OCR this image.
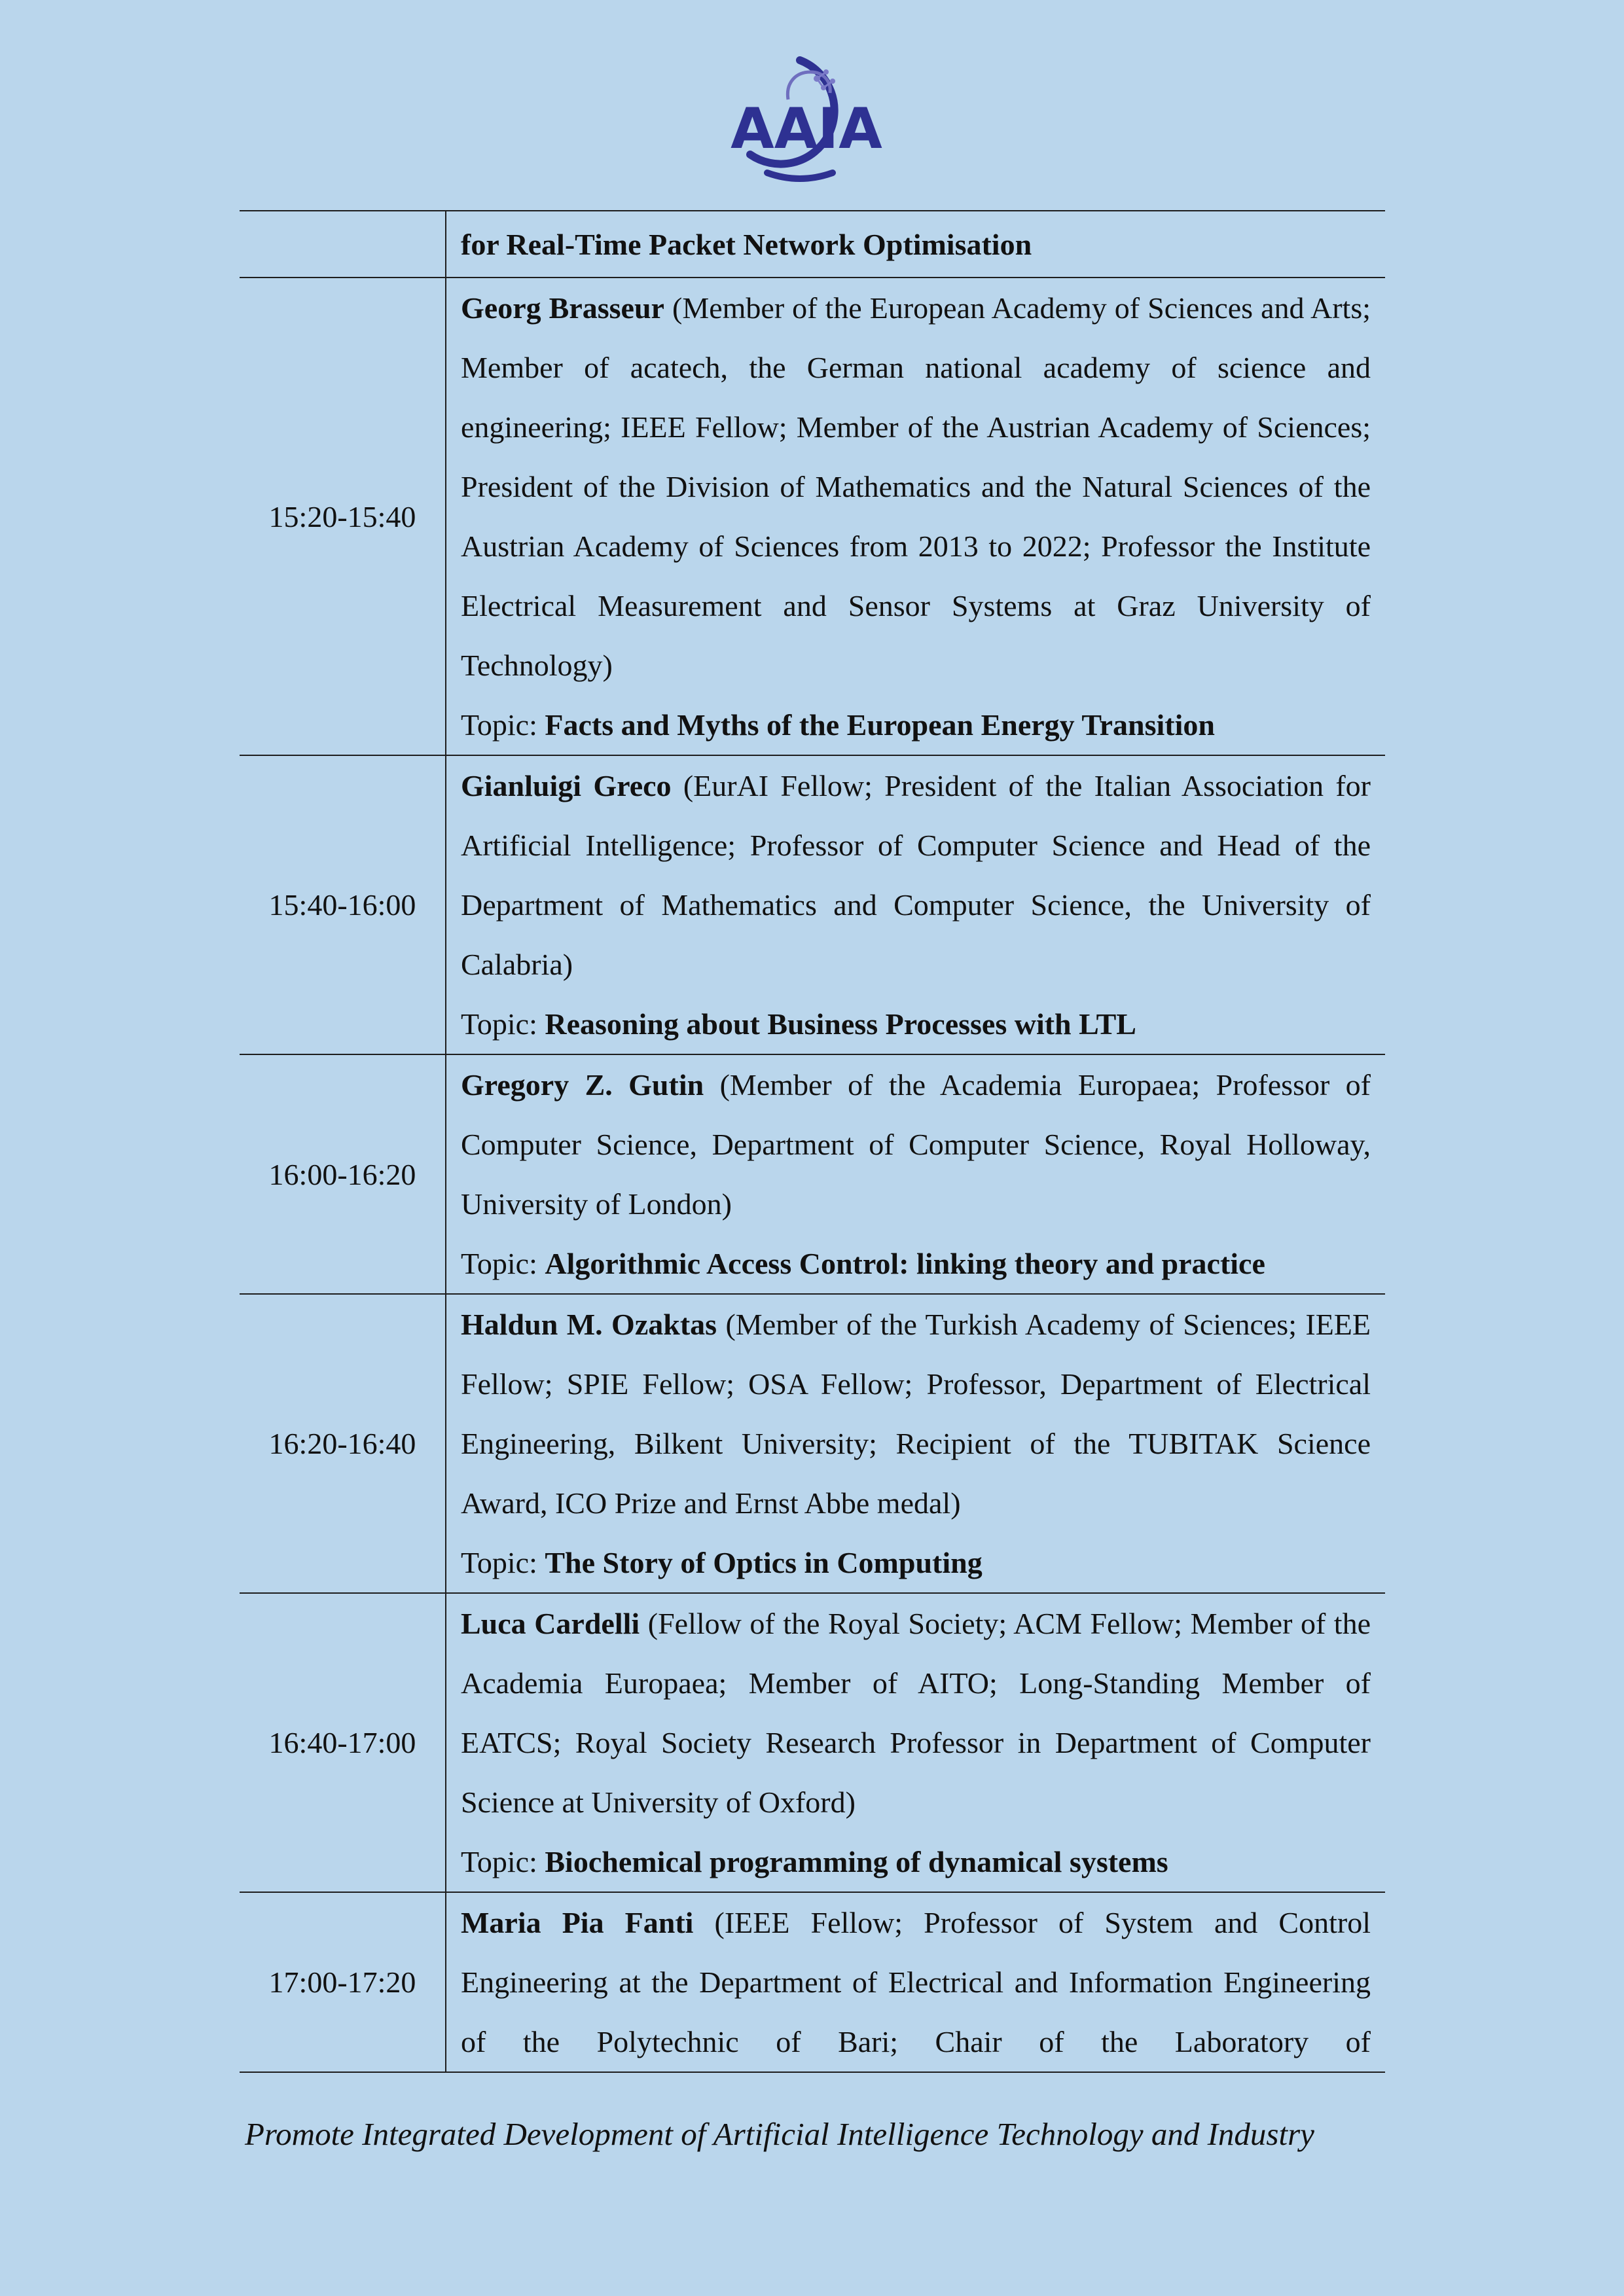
AAIA
	for Real-Time Packet Network Optimisation
15:20-15:40	Georg Brasseur (Member of the European Academy of Sciences and Arts; Member of acatech, the German national academy of science and engineering; IEEE Fellow; Member of the Austrian Academy of Sciences; President of the Division of Mathematics and the Natural Sciences of the Austrian Academy of Sciences from 2013 to 2022; Professor the Institute Electrical Measurement and Sensor Systems at Graz University of Technology)
Topic: Facts and Myths of the European Energy Transition

15:40-16:00	Gianluigi Greco (EurAI Fellow; President of the Italian Association for Artificial Intelligence; Professor of Computer Science and Head of the Department of Mathematics and Computer Science, the University of Calabria)
Topic: Reasoning about Business Processes with LTL

16:00-16:20	Gregory Z. Gutin (Member of the Academia Europaea; Professor of Computer Science, Department of Computer Science, Royal Holloway, University of London)
Topic: Algorithmic Access Control: linking theory and practice

16:20-16:40	Haldun M. Ozaktas (Member of the Turkish Academy of Sciences; IEEE Fellow; SPIE Fellow; OSA Fellow; Professor, Department of Electrical Engineering, Bilkent University; Recipient of the TUBITAK Science Award, ICO Prize and Ernst Abbe medal)
Topic: The Story of Optics in Computing

16:40-17:00	Luca Cardelli (Fellow of the Royal Society; ACM Fellow; Member of the Academia Europaea; Member of AITO; Long-Standing Member of EATCS; Royal Society Research Professor in Department of Computer Science at University of Oxford)
Topic: Biochemical programming of dynamical systems

17:00-17:20	Maria Pia Fanti (IEEE Fellow; Professor of System and Control Engineering at the Department of Electrical and Information Engineering of the Polytechnic of Bari; Chair of the Laboratory of
Promote Integrated Development of Artificial Intelligence Technology and Industry
